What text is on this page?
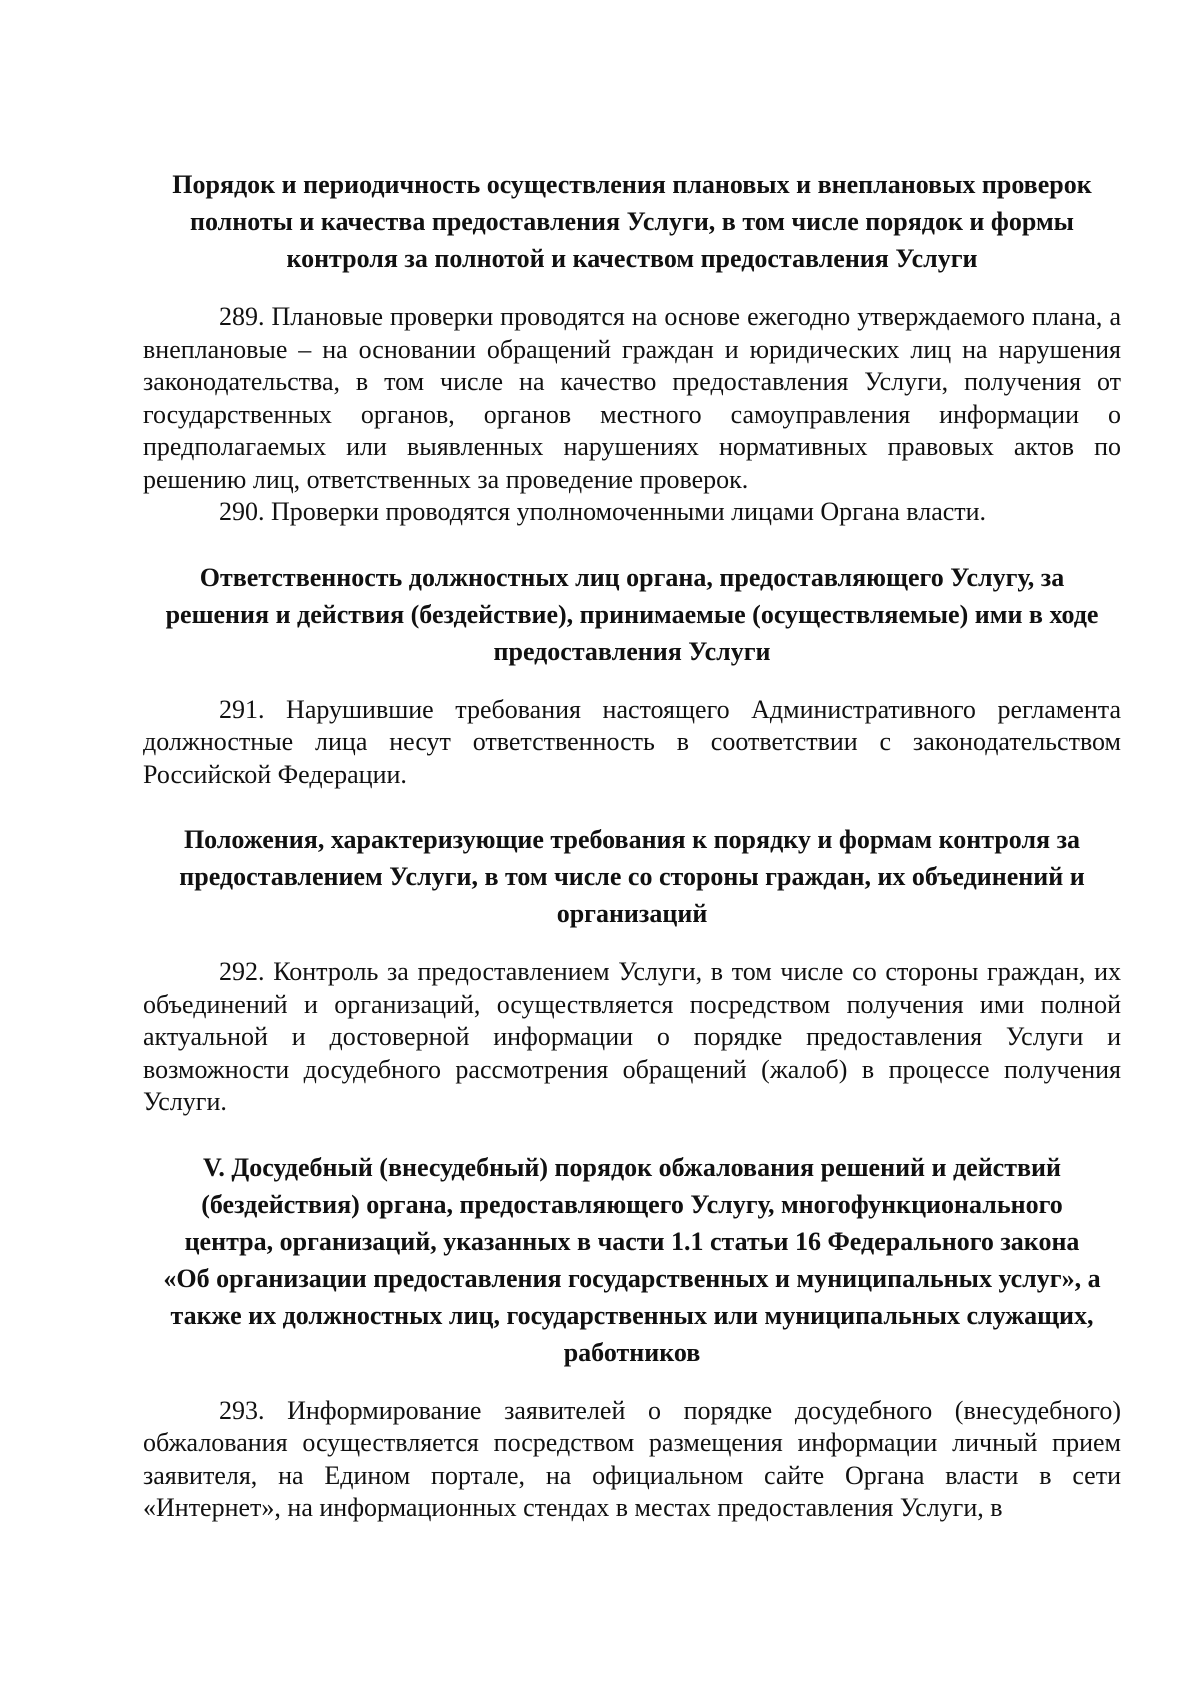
Порядок и периодичность осуществления плановых и внеплановых проверок полноты и качества предоставления Услуги, в том числе порядок и формы контроля за полнотой и качеством предоставления Услуги

289. Плановые проверки проводятся на основе ежегодно утверждаемого плана, а внеплановые – на основании обращений граждан и юридических лиц на нарушения законодательства, в том числе на качество предоставления Услуги, получения от государственных органов, органов местного самоуправления информации о предполагаемых или выявленных нарушениях нормативных правовых актов по решению лиц, ответственных за проведение проверок.

290. Проверки проводятся уполномоченными лицами Органа власти.

Ответственность должностных лиц органа, предоставляющего Услугу, за решения и действия (бездействие), принимаемые (осуществляемые) ими в ходе предоставления Услуги

291. Нарушившие требования настоящего Административного регламента должностные лица несут ответственность в соответствии с законодательством Российской Федерации.

Положения, характеризующие требования к порядку и формам контроля за предоставлением Услуги, в том числе со стороны граждан, их объединений и организаций

292. Контроль за предоставлением Услуги, в том числе со стороны граждан, их объединений и организаций, осуществляется посредством получения ими полной актуальной и достоверной информации о порядке предоставления Услуги и возможности досудебного рассмотрения обращений (жалоб) в процессе получения Услуги.

V. Досудебный (внесудебный) порядок обжалования решений и действий (бездействия) органа, предоставляющего Услугу, многофункционального центра, организаций, указанных в части 1.1 статьи 16 Федерального закона «Об организации предоставления государственных и муниципальных услуг», а также их должностных лиц, государственных или муниципальных служащих, работников

293. Информирование заявителей о порядке досудебного (внесудебного) обжалования осуществляется посредством размещения информации личный прием заявителя, на Едином портале, на официальном сайте Органа власти в сети «Интернет», на информационных стендах в местах предоставления Услуги, в
